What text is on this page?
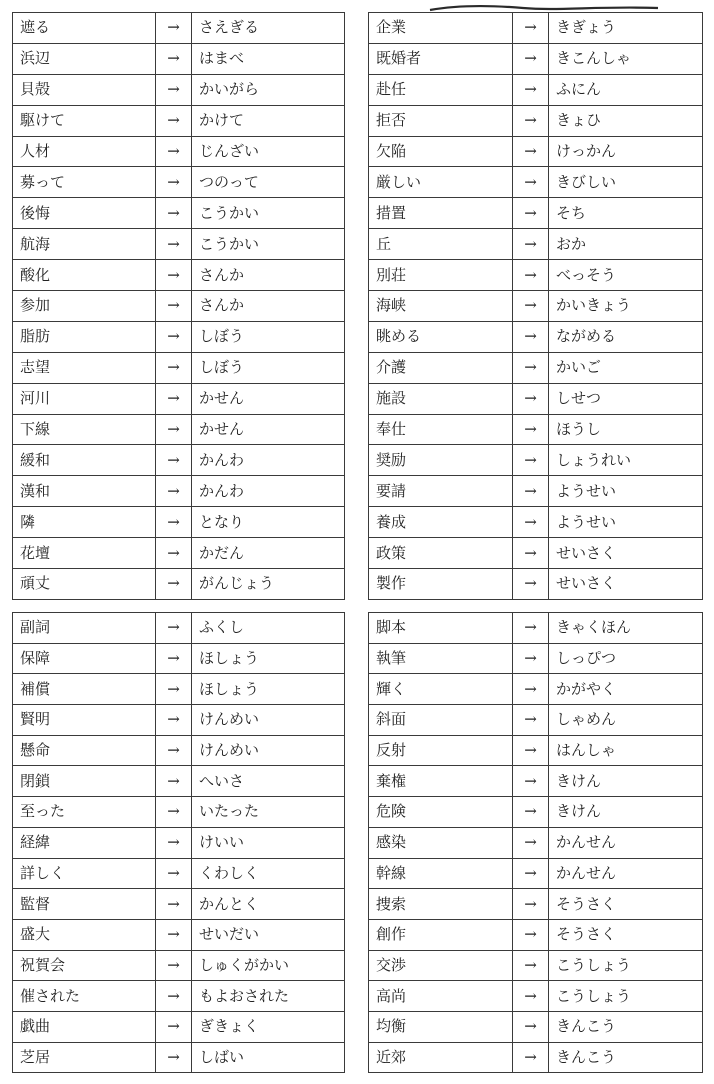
遮る	→	さえぎる
浜辺	→	はまべ
貝殻	→	かいがら
駆けて	→	かけて
人材	→	じんざい
募って	→	つのって
後悔	→	こうかい
航海	→	こうかい
酸化	→	さんか
参加	→	さんか
脂肪	→	しぼう
志望	→	しぼう
河川	→	かせん
下線	→	かせん
緩和	→	かんわ
漢和	→	かんわ
隣	→	となり
花壇	→	かだん
頑丈	→	がんじょう
企業	→	きぎょう
既婚者	→	きこんしゃ
赴任	→	ふにん
拒否	→	きょひ
欠陥	→	けっかん
厳しい	→	きびしい
措置	→	そち
丘	→	おか
別荘	→	べっそう
海峡	→	かいきょう
眺める	→	ながめる
介護	→	かいご
施設	→	しせつ
奉仕	→	ほうし
奨励	→	しょうれい
要請	→	ようせい
養成	→	ようせい
政策	→	せいさく
製作	→	せいさく
副詞	→	ふくし
保障	→	ほしょう
補償	→	ほしょう
賢明	→	けんめい
懸命	→	けんめい
閉鎖	→	へいさ
至った	→	いたった
経緯	→	けいい
詳しく	→	くわしく
監督	→	かんとく
盛大	→	せいだい
祝賀会	→	しゅくがかい
催された	→	もよおされた
戯曲	→	ぎきょく
芝居	→	しばい
脚本	→	きゃくほん
執筆	→	しっぴつ
輝く	→	かがやく
斜面	→	しゃめん
反射	→	はんしゃ
棄権	→	きけん
危険	→	きけん
感染	→	かんせん
幹線	→	かんせん
捜索	→	そうさく
創作	→	そうさく
交渉	→	こうしょう
高尚	→	こうしょう
均衡	→	きんこう
近郊	→	きんこう
